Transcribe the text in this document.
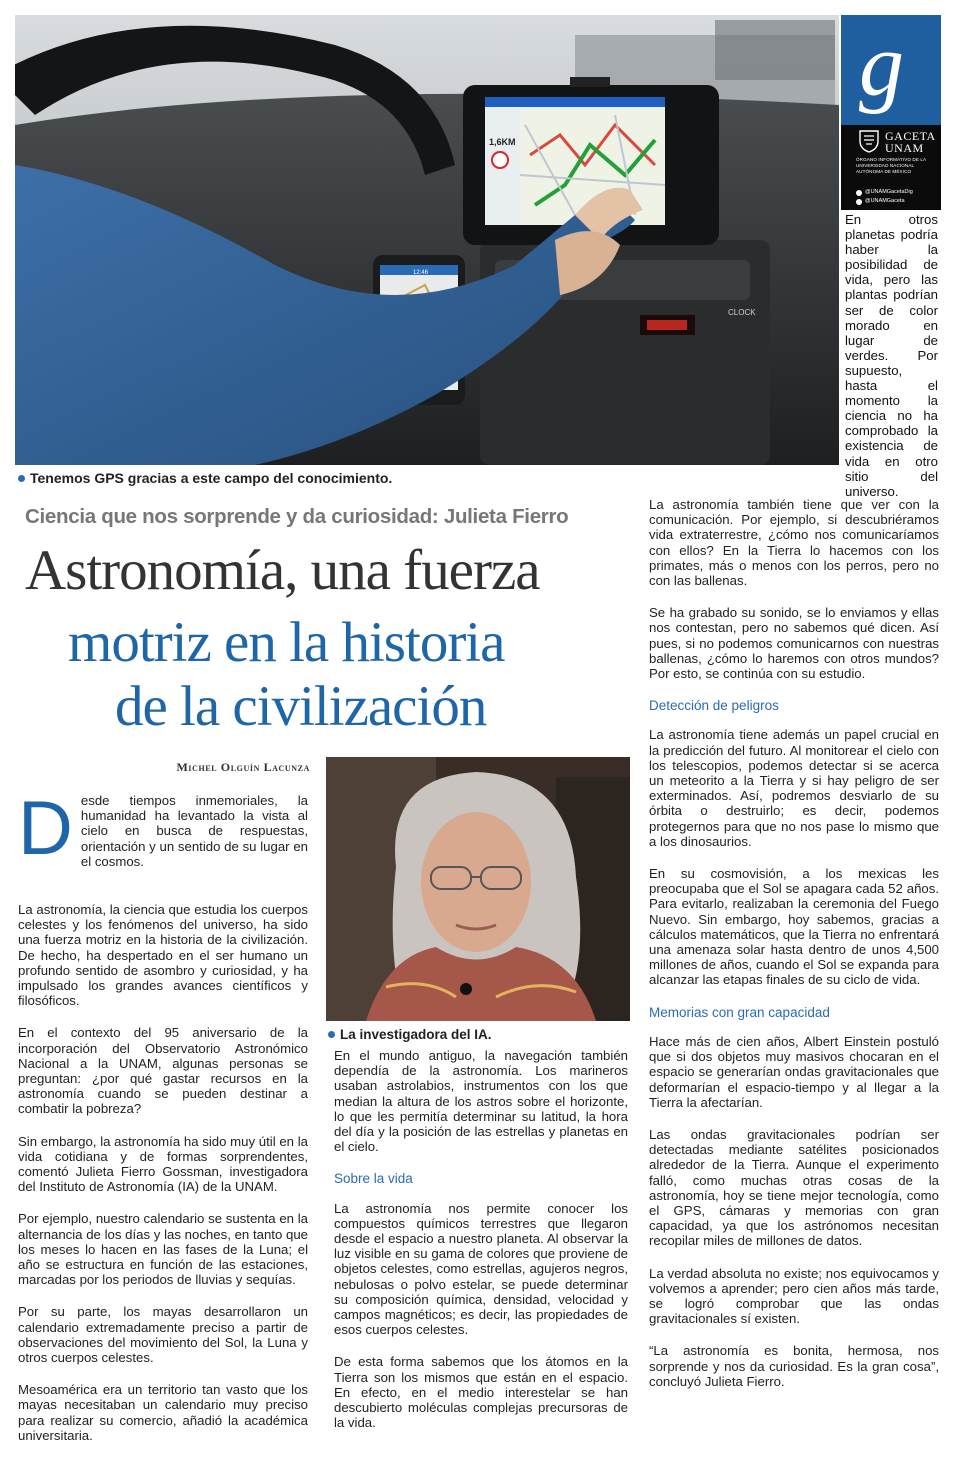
CLOCK
1,6KM
12:46
g
GACETA
UNAM
ÓRGANO INFORMATIVO DE LA UNIVERSIDAD NACIONAL AUTÓNOMA DE MÉXICO
@UNAMGacetaDig
@UNAMGaceta
En otros planetas podría haber la posibilidad de vida, pero las plantas podrían ser de color morado en lugar de verdes. Por supuesto, hasta el momento la ciencia no ha comprobado la existencia de vida en otro sitio del universo.
Tenemos GPS gracias a este campo del conocimiento.
Ciencia que nos sorprende y da curiosidad: Julieta Fierro
Astronomía, una fuerza
motriz en la historia
de la civilización
Michel Olguín Lacunza

Desde tiempos inmemoriales, la humanidad ha levantado la vista al cielo en busca de respuestas, orientación y un sentido de su lugar en el cosmos.

La astronomía, la ciencia que estudia los cuerpos celestes y los fenómenos del universo, ha sido una fuerza motriz en la historia de la civilización. De hecho, ha despertado en el ser humano un profundo sentido de asombro y curiosidad, y ha impulsado los grandes avances científicos y filosóficos.

En el contexto del 95 aniversario de la incorporación del Observatorio Astronómico Nacional a la UNAM, algunas personas se preguntan: ¿por qué gastar recursos en la astronomía cuando se pueden destinar a combatir la pobreza?

Sin embargo, la astronomía ha sido muy útil en la vida cotidiana y de formas sorprendentes, comentó Julieta Fierro Gossman, investigadora del Instituto de Astronomía (IA) de la UNAM.

Por ejemplo, nuestro calendario se sustenta en la alternancia de los días y las noches, en tanto que los meses lo hacen en las fases de la Luna; el año se estructura en función de las estaciones, marcadas por los periodos de lluvias y sequías.

Por su parte, los mayas desarrollaron un calendario extremadamente preciso a partir de observaciones del movimiento del Sol, la Luna y otros cuerpos celestes.

Mesoamérica era un territorio tan vasto que los mayas necesitaban un calendario muy preciso para realizar su comercio, añadió la académica universitaria.

La investigadora del IA.

En el mundo antiguo, la navegación también dependía de la astronomía. Los marineros usaban astrolabios, instrumentos con los que median la altura de los astros sobre el horizonte, lo que les permitía determinar su latitud, la hora del día y la posición de las estrellas y planetas en el cielo.

Sobre la vida

La astronomía nos permite conocer los compuestos químicos terrestres que llegaron desde el espacio a nuestro planeta. Al observar la luz visible en su gama de colores que proviene de objetos celestes, como estrellas, agujeros negros, nebulosas o polvo estelar, se puede determinar su composición química, densidad, velocidad y campos magnéticos; es decir, las propiedades de esos cuerpos celestes.

De esta forma sabemos que los átomos en la Tierra son los mismos que están en el espacio. En efecto, en el medio interestelar se han descubierto moléculas complejas precursoras de la vida.

La astronomía también tiene que ver con la comunicación. Por ejemplo, si descubriéramos vida extraterrestre, ¿cómo nos comunicaríamos con ellos? En la Tierra lo hacemos con los primates, más o menos con los perros, pero no con las ballenas.

Se ha grabado su sonido, se lo enviamos y ellas nos contestan, pero no sabemos qué dicen. Así pues, si no podemos comunicarnos con nuestras ballenas, ¿cómo lo haremos con otros mundos? Por esto, se continúa con su estudio.

Detección de peligros

La astronomía tiene además un papel crucial en la predicción del futuro. Al monitorear el cielo con los telescopios, podemos detectar si se acerca un meteorito a la Tierra y si hay peligro de ser exterminados. Así, podremos desviarlo de su órbita o destruirlo; es decir, podemos protegernos para que no nos pase lo mismo que a los dinosaurios.

En su cosmovisión, a los mexicas les preocupaba que el Sol se apagara cada 52 años. Para evitarlo, realizaban la ceremonia del Fuego Nuevo. Sin embargo, hoy sabemos, gracias a cálculos matemáticos, que la Tierra no enfrentará una amenaza solar hasta dentro de unos 4,500 millones de años, cuando el Sol se expanda para alcanzar las etapas finales de su ciclo de vida.

Memorias con gran capacidad

Hace más de cien años, Albert Einstein postuló que si dos objetos muy masivos chocaran en el espacio se generarían ondas gravitacionales que deformarían el espacio-tiempo y al llegar a la Tierra la afectarían.

Las ondas gravitacionales podrían ser detectadas mediante satélites posicionados alrededor de la Tierra. Aunque el experimento falló, como muchas otras cosas de la astronomía, hoy se tiene mejor tecnología, como el GPS, cámaras y memorias con gran capacidad, ya que los astrónomos necesitan recopilar miles de millones de datos.

La verdad absoluta no existe; nos equivocamos y volvemos a aprender; pero cien años más tarde, se logró comprobar que las ondas gravitacionales sí existen.

“La astronomía es bonita, hermosa, nos sorprende y nos da curiosidad. Es la gran cosa”, concluyó Julieta Fierro.
